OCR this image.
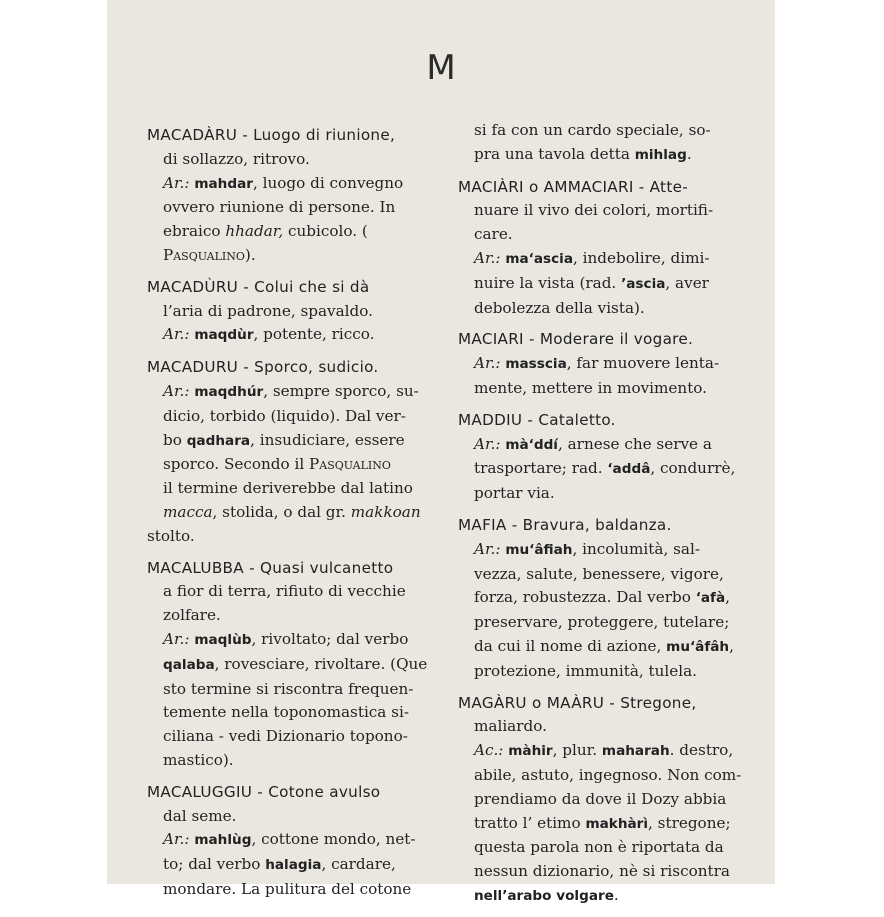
M

MACADÀRU - Luogo di riunione,

di sollazzo, ritrovo.

Ar.: mahdar, luogo di convegno

ovvero riunione di persone. In

ebraico hhadar, cubicolo. (

Pasqualino).

MACADÙRU - Colui che si dà

l’aria di padrone, spavaldo.

Ar.: maqdùr, potente, ricco.

MACADURU - Sporco, sudicio.

Ar.: maqdhúr, sempre sporco, su-

dicio, torbido (liquido). Dal ver-

bo qadhara, insudiciare, essere

sporco. Secondo il Pasqualino

il termine deriverebbe dal latino

macca, stolida, o dal gr. makkoan

stolto.

MACALUBBA - Quasi vulcanetto

a fior di terra, rifiuto di vecchie

zolfare.

Ar.: maqlùb, rivoltato; dal verbo

qalaba, rovesciare, rivoltare. (Que

sto termine si riscontra frequen-

temente nella toponomastica si-

ciliana - vedi Dizionario topono-

mastico).

MACALUGGIU - Cotone avulso

dal seme.

Ar.: mahlùg, cottone mondo, net-

to; dal verbo halagia, cardare,

mondare. La pulitura del cotone

si fa con un cardo speciale, so-

pra una tavola detta mihlag.

MACIÀRI o AMMACIARI - Atte-

nuare il vivo dei colori, mortifi-

care.

Ar.: ma‘ascia, indebolire, dimi-

nuire la vista (rad. ’ascia, aver

debolezza della vista).

MACIARI - Moderare il vogare.

Ar.: masscia, far muovere lenta-

mente, mettere in movimento.

MADDIU - Cataletto.

Ar.: mà‘ddí, arnese che serve a

trasportare; rad. ‘addâ, condurrè,

portar via.

MAFIA - Bravura, baldanza.

Ar.: mu‘âfiah, incolumità, sal-

vezza, salute, benessere, vigore,

forza, robustezza. Dal verbo ‘afà,

preservare, proteggere, tutelare;

da cui il nome di azione, mu‘âfâh,

protezione, immunità, tulela.

MAGÀRU o MAÀRU - Stregone,

maliardo.

Ac.: màhir, plur. maharah. destro,

abile, astuto, ingegnoso. Non com-

prendiamo da dove il Dozy abbia

tratto l’ etimo makhàrì, stregone;

questa parola non è riportata da

nessun dizionario, nè si riscontra

nell’arabo volgare.
